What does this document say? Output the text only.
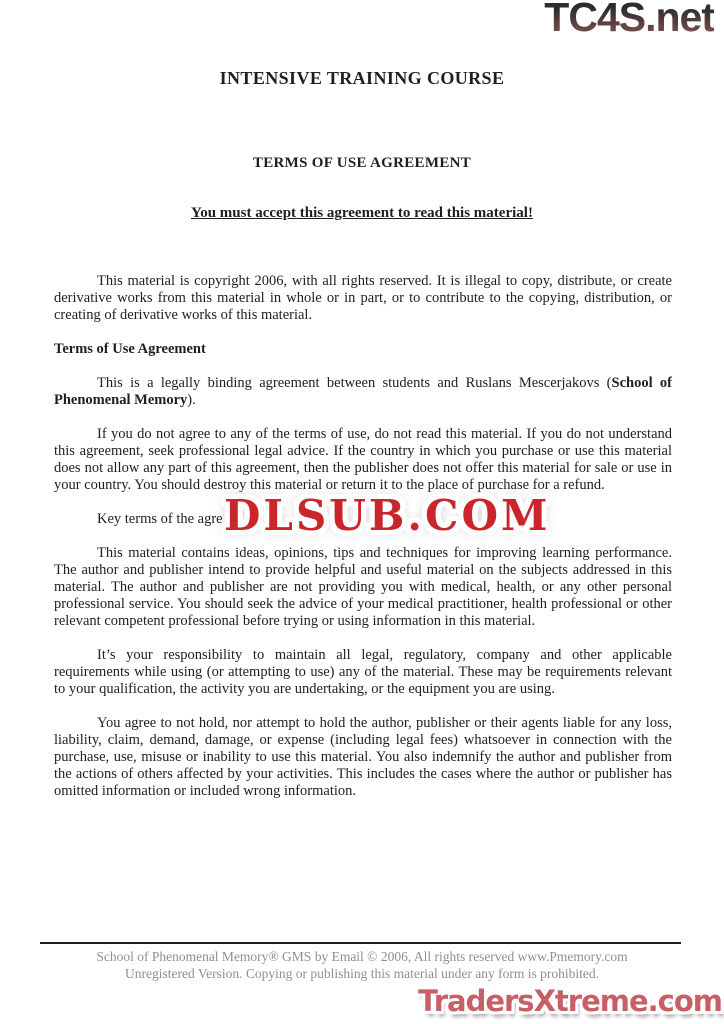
TC4S.net
INTENSIVE TRAINING COURSE
TERMS OF USE AGREEMENT
You must accept this agreement to read this material!

This material is copyright 2006, with all rights reserved. It is illegal to copy, distribute, or create derivative works from this material in whole or in part, or to contribute to the copying, distribution, or creating of derivative works of this material.

Terms of Use Agreement

This is a legally binding agreement between students and Ruslans Mescerjakovs (School of Phenomenal Memory).

If you do not agree to any of the terms of use, do not read this material. If you do not understand this agreement, seek professional legal advice. If the country in which you purchase or use this material does not allow any part of this agreement, then the publisher does not offer this material for sale or use in your country. You should destroy this material or return it to the place of purchase for a refund.

Key terms of the agre

This material contains ideas, opinions, tips and techniques for improving learning performance. The author and publisher intend to provide helpful and useful material on the subjects addressed in this material. The author and publisher are not providing you with medical, health, or any other personal professional service. You should seek the advice of your medical practitioner, health professional or other relevant competent professional before trying or using information in this material.

It’s your responsibility to maintain all legal, regulatory, company and other applicable requirements while using (or attempting to use) any of the material. These may be requirements relevant to your qualification, the activity you are undertaking, or the equipment you are using.

You agree to not hold, nor attempt to hold the author, publisher or their agents liable for any loss, liability, claim, demand, damage, or expense (including legal fees) whatsoever in connection with the purchase, use, misuse or inability to use this material. You also indemnify the author and publisher from the actions of others affected by your activities. This includes the cases where the author or publisher has omitted information or included wrong information.

DLSUB.COM
School of Phenomenal Memory® GMS by Email © 2006, All rights reserved www.Pmemory.com
Unregistered Version. Copying or publishing this material under any form is prohibited.
TradersXtreme.com
